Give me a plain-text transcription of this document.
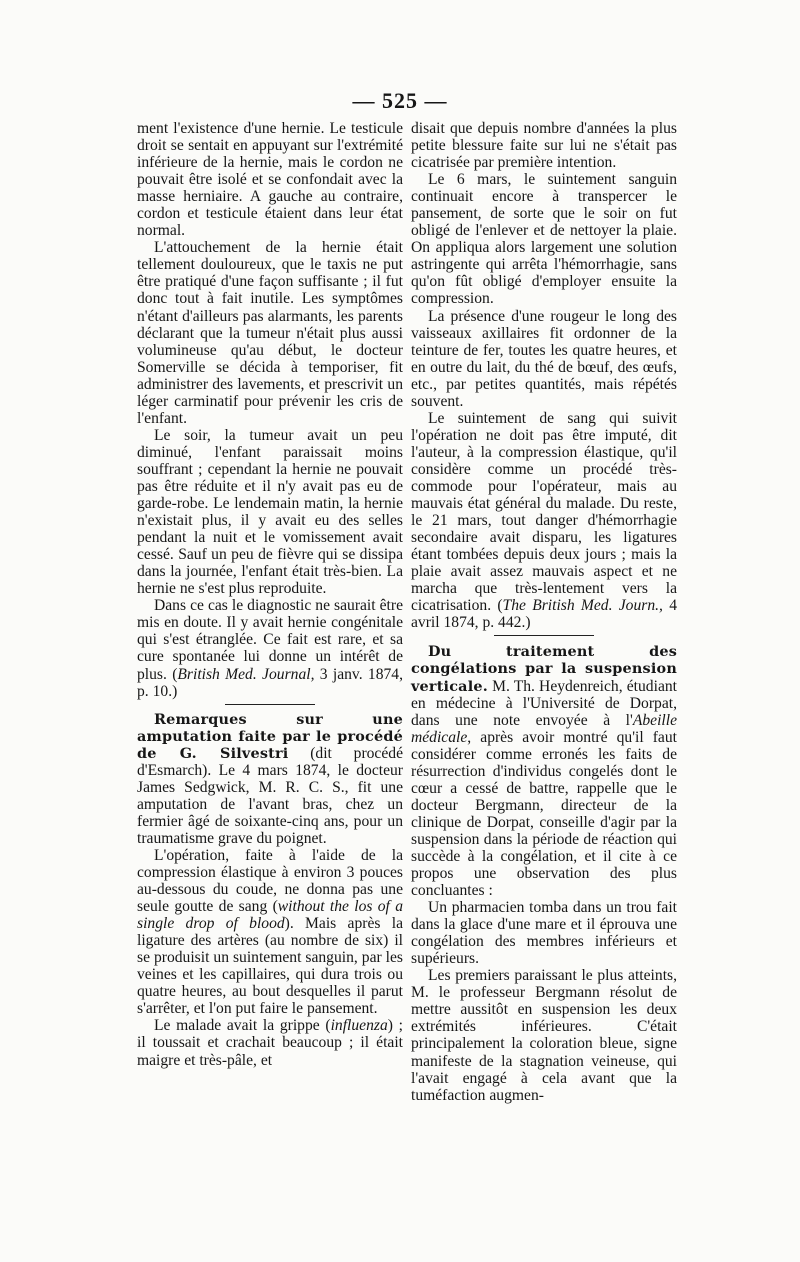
— 525 —

ment l'existence d'une hernie. Le testicule droit se sentait en appuyant sur l'extrémité inférieure de la hernie, mais le cordon ne pouvait être isolé et se confondait avec la masse herniaire. A gauche au contraire, cordon et testicule étaient dans leur état normal.

L'attouchement de la hernie était tellement douloureux, que le taxis ne put être pratiqué d'une façon suffisante ; il fut donc tout à fait inutile. Les symptômes n'étant d'ailleurs pas alarmants, les parents déclarant que la tumeur n'était plus aussi volumineuse qu'au début, le docteur Somerville se décida à temporiser, fit administrer des lavements, et prescrivit un léger carminatif pour prévenir les cris de l'enfant.

Le soir, la tumeur avait un peu diminué, l'enfant paraissait moins souffrant ; cependant la hernie ne pouvait pas être réduite et il n'y avait pas eu de garde-robe. Le lendemain matin, la hernie n'existait plus, il y avait eu des selles pendant la nuit et le vomissement avait cessé. Sauf un peu de fièvre qui se dissipa dans la journée, l'enfant était très-bien. La hernie ne s'est plus reproduite.

Dans ce cas le diagnostic ne saurait être mis en doute. Il y avait hernie congénitale qui s'est étranglée. Ce fait est rare, et sa cure spontanée lui donne un intérêt de plus. (British Med. Journal, 3 janv. 1874, p. 10.)

Remarques sur une amputation faite par le procédé de G. Silvestri (dit procédé d'Esmarch). Le 4 mars 1874, le docteur James Sedgwick, M. R. C. S., fit une amputation de l'avant bras, chez un fermier âgé de soixante-cinq ans, pour un traumatisme grave du poignet.

L'opération, faite à l'aide de la compression élastique à environ 3 pouces au-dessous du coude, ne donna pas une seule goutte de sang (without the los of a single drop of blood). Mais après la ligature des artères (au nombre de six) il se produisit un suintement sanguin, par les veines et les capillaires, qui dura trois ou quatre heures, au bout desquelles il parut s'arrêter, et l'on put faire le pansement.

Le malade avait la grippe (influenza) ; il toussait et crachait beaucoup ; il était maigre et très-pâle, et

disait que depuis nombre d'années la plus petite blessure faite sur lui ne s'était pas cicatrisée par première intention.

Le 6 mars, le suintement sanguin continuait encore à transpercer le pansement, de sorte que le soir on fut obligé de l'enlever et de nettoyer la plaie. On appliqua alors largement une solution astringente qui arrêta l'hémorrhagie, sans qu'on fût obligé d'employer ensuite la compression.

La présence d'une rougeur le long des vaisseaux axillaires fit ordonner de la teinture de fer, toutes les quatre heures, et en outre du lait, du thé de bœuf, des œufs, etc., par petites quantités, mais répétés souvent.

Le suintement de sang qui suivit l'opération ne doit pas être imputé, dit l'auteur, à la compression élastique, qu'il considère comme un procédé très-commode pour l'opérateur, mais au mauvais état général du malade. Du reste, le 21 mars, tout danger d'hémorrhagie secondaire avait disparu, les ligatures étant tombées depuis deux jours ; mais la plaie avait assez mauvais aspect et ne marcha que très-lentement vers la cicatrisation. (The British Med. Journ., 4 avril 1874, p. 442.)

Du traitement des congélations par la suspension verticale. M. Th. Heydenreich, étudiant en médecine à l'Université de Dorpat, dans une note envoyée à l'Abeille médicale, après avoir montré qu'il faut considérer comme erronés les faits de résurrection d'individus congelés dont le cœur a cessé de battre, rappelle que le docteur Bergmann, directeur de la clinique de Dorpat, conseille d'agir par la suspension dans la période de réaction qui succède à la congélation, et il cite à ce propos une observation des plus concluantes :

Un pharmacien tomba dans un trou fait dans la glace d'une mare et il éprouva une congélation des membres inférieurs et supérieurs.

Les premiers paraissant le plus atteints, M. le professeur Bergmann résolut de mettre aussitôt en suspension les deux extrémités inférieures. C'était principalement la coloration bleue, signe manifeste de la stagnation veineuse, qui l'avait engagé à cela avant que la tuméfaction augmen-
